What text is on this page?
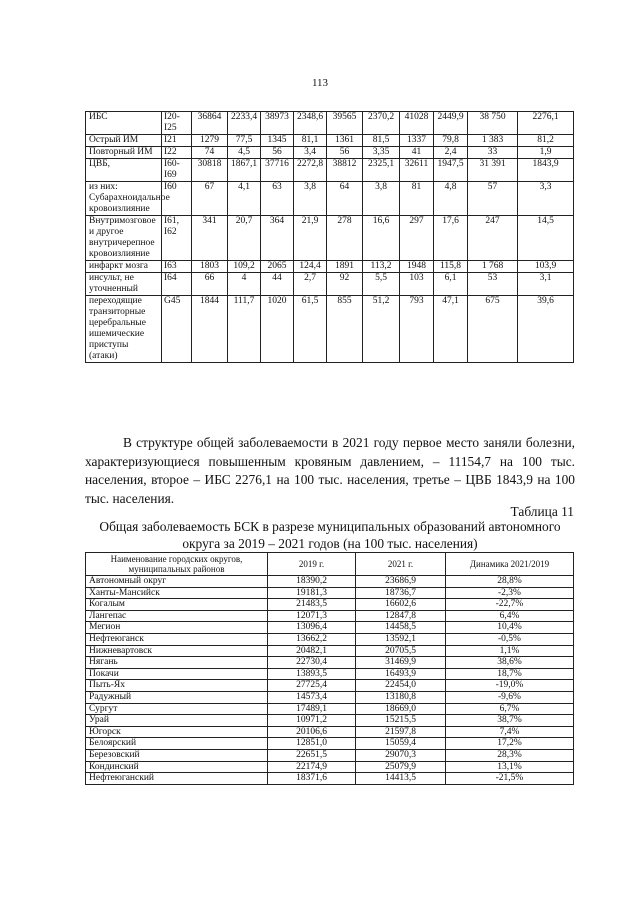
113
ИБС	I20-I25	36864	2233,4	38973	2348,6	39565	2370,2	41028	2449,9	38 750	2276,1
Острый ИМ	I21	1279	77,5	1345	81,1	1361	81,5	1337	79,8	1 383	81,2
Повторный ИМ	I22	74	4,5	56	3,4	56	3,35	41	2,4	33	1,9
ЦВБ,	I60-I69	30818	1867,1	37716	2272,8	38812	2325,1	32611	1947,5	31 391	1843,9
из них: Субарахноидальное кровоизлияние	I60	67	4,1	63	3,8	64	3,8	81	4,8	57	3,3
Внутримозговое и другое внутричерепное кровоизлияние	I61, I62	341	20,7	364	21,9	278	16,6	297	17,6	247	14,5
инфаркт мозга	I63	1803	109,2	2065	124,4	1891	113,2	1948	115,8	1 768	103,9
инсульт, не уточненный	I64	66	4	44	2,7	92	5,5	103	6,1	53	3,1
переходящие транзиторные церебральные ишемические приступы (атаки)	G45	1844	111,7	1020	61,5	855	51,2	793	47,1	675	39,6
В структуре общей заболеваемости в 2021 году первое место заняли болезни, характеризующиеся повышенным кровяным давлением, – 11154,7 на 100 тыс. населения, второе – ИБС 2276,1 на 100 тыс. населения, третье – ЦВБ 1843,9 на 100 тыс. населения.
Таблица 11
Общая заболеваемость БСК в разрезе муниципальных образований автономного округа за 2019 – 2021 годов (на 100 тыс. населения)
Наименование городских округов, муниципальных районов	2019 г.	2021 г.	Динамика 2021/2019
Автономный округ	18390,2	23686,9	28,8%
Ханты-Мансийск	19181,3	18736,7	-2,3%
Когалым	21483,5	16602,6	-22,7%
Лангепас	12071,3	12847,8	6,4%
Мегион	13096,4	14458,5	10,4%
Нефтеюганск	13662,2	13592,1	-0,5%
Нижневартовск	20482,1	20705,5	1,1%
Нягань	22730,4	31469,9	38,6%
Покачи	13893,5	16493,9	18,7%
Пыть-Ях	27725,4	22454,0	-19,0%
Радужный	14573,4	13180,8	-9,6%
Сургут	17489,1	18669,0	6,7%
Урай	10971,2	15215,5	38,7%
Югорск	20106,6	21597,8	7,4%
Белоярский	12851,0	15059,4	17,2%
Березовский	22651,5	29070,3	28,3%
Кондинский	22174,9	25079,9	13,1%
Нефтеюганский	18371,6	14413,5	-21,5%
